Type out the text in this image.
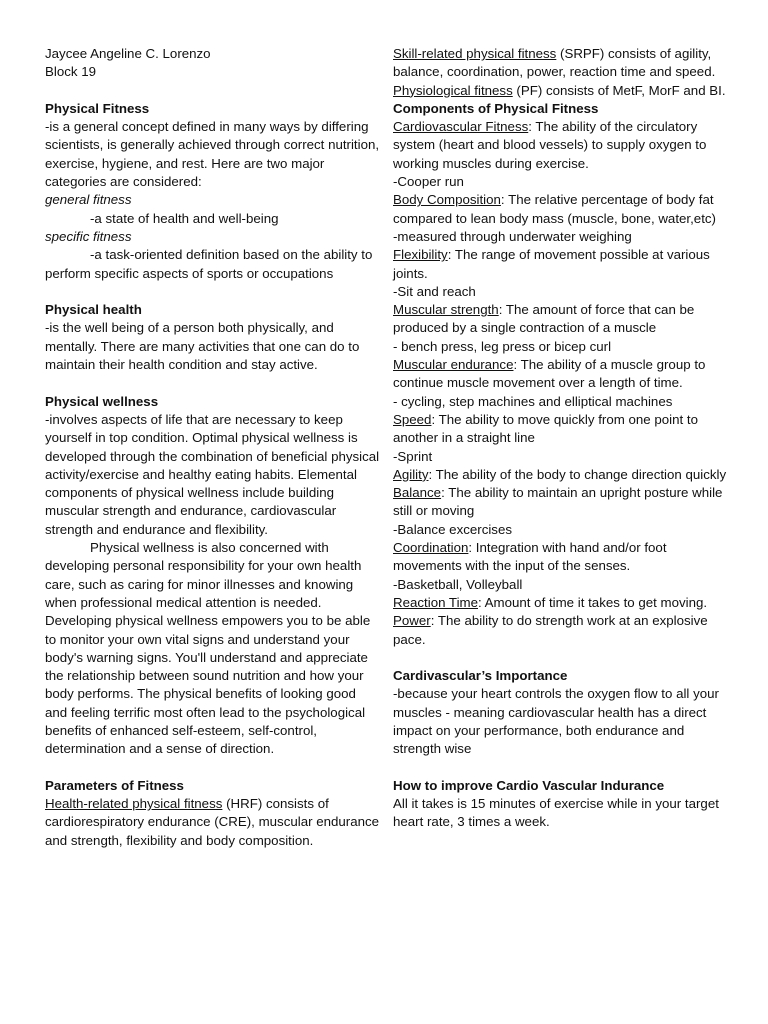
Jaycee Angeline C. Lorenzo

Block 19

Physical Fitness

-is a general concept defined in many ways by differing scientists, is generally achieved through correct nutrition, exercise, hygiene, and rest. Here are two major categories are considered:

general fitness

-a state of health and well-being

specific fitness

-a task-oriented definition based on the ability to perform specific aspects of sports or occupations

Physical health

-is the well being of a person both physically, and mentally. There are many activities that one can do to maintain their health condition and stay active.

Physical wellness

-involves aspects of life that are necessary to keep yourself in top condition. Optimal physical wellness is developed through the combination of beneficial physical activity/exercise and healthy eating habits. Elemental components of physical wellness include building muscular strength and endurance, cardiovascular strength and endurance and flexibility.

Physical wellness is also concerned with developing personal responsibility for your own health care, such as caring for minor illnesses and knowing when professional medical attention is needed. Developing physical wellness empowers you to be able to monitor your own vital signs and understand your body's warning signs. You'll understand and appreciate the relationship between sound nutrition and how your body performs. The physical benefits of looking good and feeling terrific most often lead to the psychological benefits of enhanced self-esteem, self-control, determination and a sense of direction.

Parameters of Fitness

Health-related physical fitness (HRF) consists of cardiorespiratory endurance (CRE), muscular endurance and strength, flexibility and body composition.

Skill-related physical fitness (SRPF) consists of agility, balance, coordination, power, reaction time and speed.

Physiological fitness (PF) consists of MetF, MorF and BI.

Components of Physical Fitness

Cardiovascular Fitness: The ability of the circulatory system (heart and blood vessels) to supply oxygen to working muscles during exercise.

-Cooper run

Body Composition: The relative percentage of body fat compared to lean body mass (muscle, bone, water,etc)

-measured through underwater weighing

Flexibility: The range of movement possible at various joints.

-Sit and reach

Muscular strength: The amount of force that can be produced by a single contraction of a muscle

- bench press, leg press or bicep curl

Muscular endurance: The ability of a muscle group to continue muscle movement over a length of time.

- cycling, step machines and elliptical machines

Speed: The ability to move quickly from one point to another in a straight line

-Sprint

Agility: The ability of the body to change direction quickly

Balance: The ability to maintain an upright posture while still or moving

-Balance excercises

Coordination: Integration with hand and/or foot movements with the input of the senses.

-Basketball, Volleyball

Reaction Time: Amount of time it takes to get moving.

Power: The ability to do strength work at an explosive pace.

Cardivascular’s Importance

-because your heart controls the oxygen flow to all your muscles - meaning cardiovascular health has a direct impact on your performance, both endurance and strength wise

How to improve Cardio Vascular Indurance

All it takes is 15 minutes of exercise while in your target heart rate, 3 times a week.
